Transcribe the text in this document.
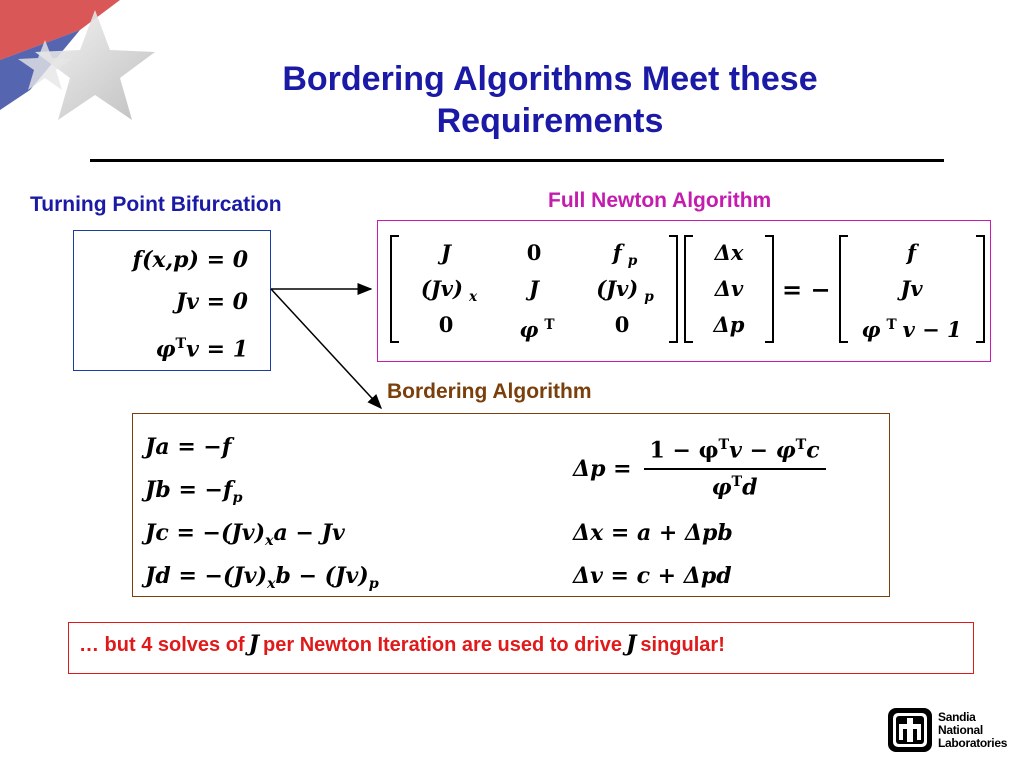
Bordering Algorithms Meet these Requirements
Turning Point Bifurcation	Full Newton Algorithm
Bordering Algorithm
f(x,p) = 0
Jv = 0
$\varphi^Tv = 1$
J	0	f $_p$
(Jv) $_x$	J	(Jv) $_p$
0	φ $^T$	0
Δx
Δv
Δp
= −
f
Jv
φ $^T$ v − 1
Ja = −f
$Jb = -f_p$
$Jc = -(Jv)_xa - Jv$
$Jd = -(Jv)_xb - (Jv)_p$
$\Delta p = \frac{1 - \varphi^Tv - \varphi^Tc}{\varphi^Td}$
Δx = a + Δpb
Δv = c + Δpd
… but 4 solves of J per Newton Iteration are used to drive J singular!
Sandia
National
Laboratories
